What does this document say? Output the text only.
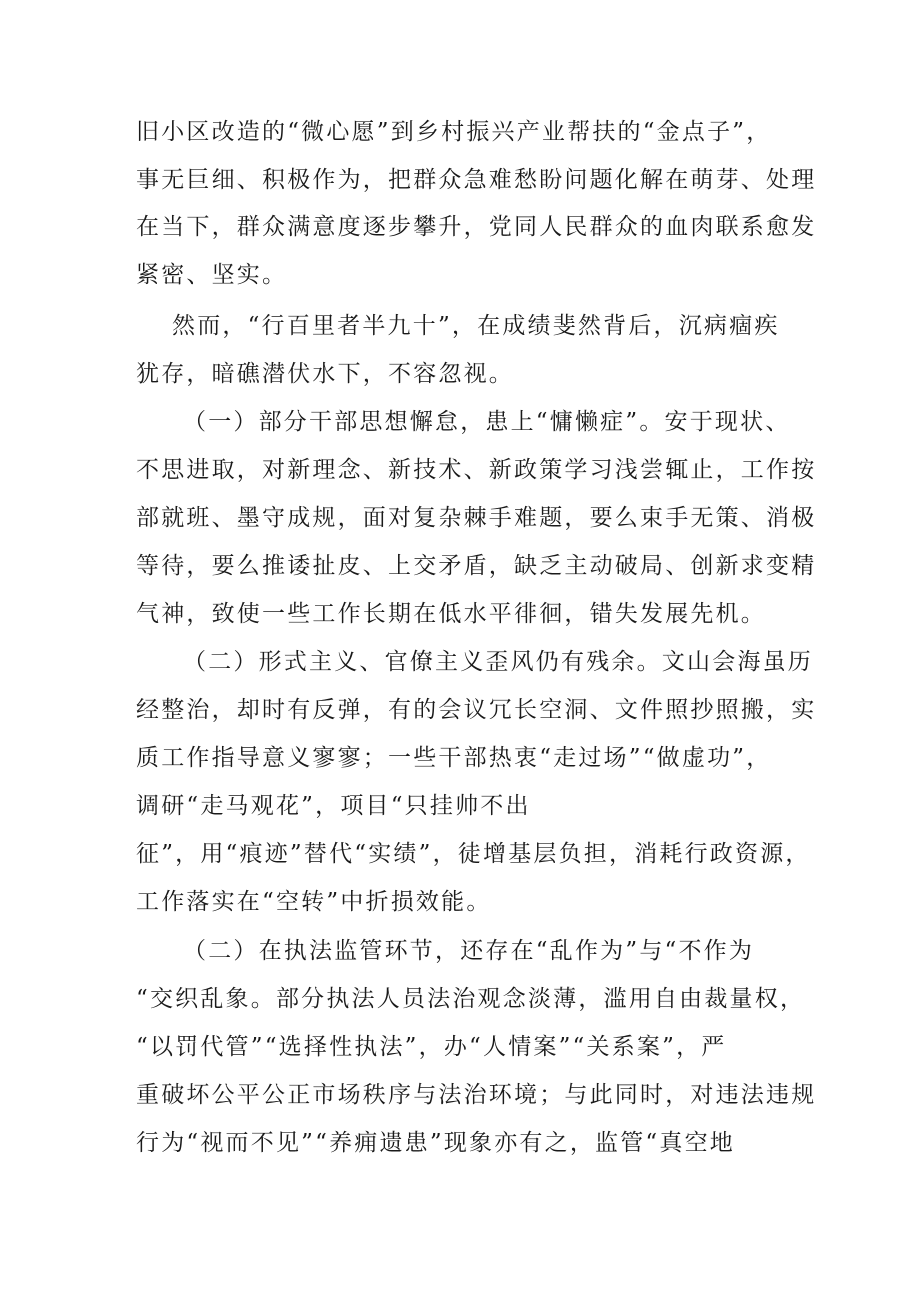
旧小区改造的“微心愿”到乡村振兴产业帮扶的“金点子”，
事无巨细、积极作为，把群众急难愁盼问题化解在萌芽、处理
在当下，群众满意度逐步攀升，党同人民群众的血肉联系愈发
紧密、坚实。
然而，“行百里者半九十”，在成绩斐然背后，沉病痼疾
犹存，暗礁潜伏水下，不容忽视。
（一）部分干部思想懈怠，患上“慵懒症”。安于现状、
不思进取，对新理念、新技术、新政策学习浅尝辄止，工作按
部就班、墨守成规，面对复杂棘手难题，要么束手无策、消极
等待，要么推诿扯皮、上交矛盾，缺乏主动破局、创新求变精
气神，致使一些工作长期在低水平徘徊，错失发展先机。
（二）形式主义、官僚主义歪风仍有残余。文山会海虽历
经整治，却时有反弹，有的会议冗长空洞、文件照抄照搬，实
质工作指导意义寥寥；一些干部热衷“走过场”“做虚功”，
调研“走马观花”，项目“只挂帅不出
征”，用“痕迹”替代“实绩”，徒增基层负担，消耗行政资源，
工作落实在“空转”中折损效能。
（二）在执法监管环节，还存在“乱作为”与“不作为
“交织乱象。部分执法人员法治观念淡薄，滥用自由裁量权，
“以罚代管”“选择性执法”，办“人情案”“关系案”，严
重破坏公平公正市场秩序与法治环境；与此同时，对违法违规
行为“视而不见”“养痈遗患”现象亦有之，监管“真空地
